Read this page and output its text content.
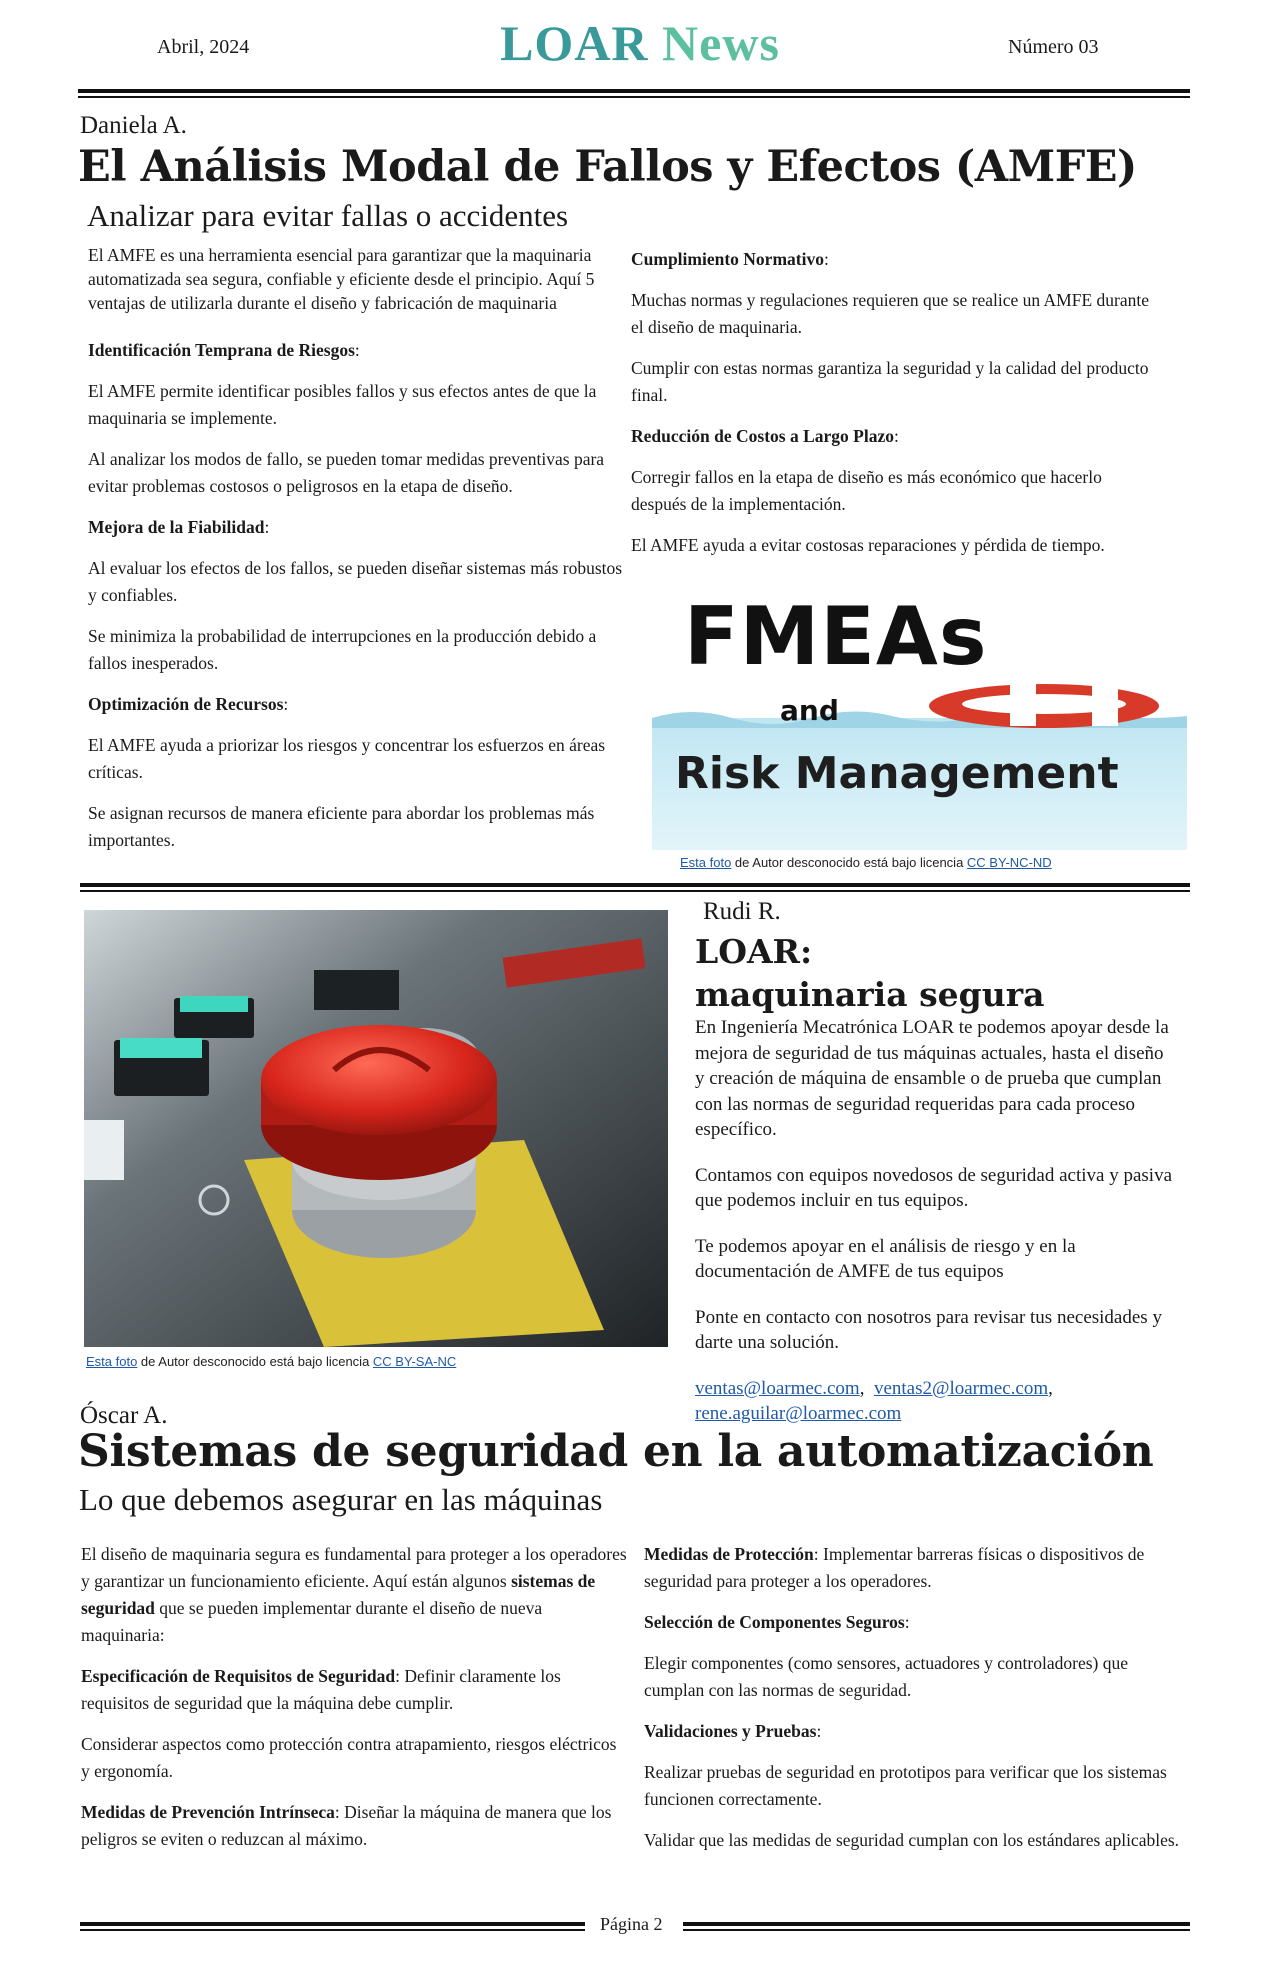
Abril, 2024	LOAR News	Número 03
Daniela A.
El Análisis Modal de Fallos y Efectos (AMFE)
Analizar para evitar fallas o accidentes

El AMFE es una herramienta esencial para garantizar que la maquinaria automatizada sea segura, confiable y eficiente desde el principio. Aquí 5 ventajas de utilizarla durante el diseño y fabricación de maquinaria

Identificación Temprana de Riesgos:

El AMFE permite identificar posibles fallos y sus efectos antes de que la maquinaria se implemente.

Al analizar los modos de fallo, se pueden tomar medidas preventivas para evitar problemas costosos o peligrosos en la etapa de diseño.

Mejora de la Fiabilidad:

Al evaluar los efectos de los fallos, se pueden diseñar sistemas más robustos y confiables.

Se minimiza la probabilidad de interrupciones en la producción debido a fallos inesperados.

Optimización de Recursos:

El AMFE ayuda a priorizar los riesgos y concentrar los esfuerzos en áreas críticas.

Se asignan recursos de manera eficiente para abordar los problemas más importantes.

Cumplimiento Normativo:

Muchas normas y regulaciones requieren que se realice un AMFE durante el diseño de maquinaria.

Cumplir con estas normas garantiza la seguridad y la calidad del producto final.

Reducción de Costos a Largo Plazo:

Corregir fallos en la etapa de diseño es más económico que hacerlo después de la implementación.

El AMFE ayuda a evitar costosas reparaciones y pérdida de tiempo.

FMEAs
and
Risk Management
Esta foto de Autor desconocido está bajo licencia CC BY-NC-ND
Esta foto de Autor desconocido está bajo licencia CC BY-SA-NC
Rudi R.
LOAR:
maquinaria segura

En Ingeniería Mecatrónica LOAR te podemos apoyar desde la mejora de seguridad de tus máquinas actuales, hasta el diseño y creación de máquina de ensamble o de prueba que cumplan con las normas de seguridad requeridas para cada proceso específico.

Contamos con equipos novedosos de seguridad activa y pasiva que podemos incluir en tus equipos.

Te podemos apoyar en el análisis de riesgo y en la documentación de AMFE de tus equipos

Ponte en contacto con nosotros para revisar tus necesidades y darte una solución.

ventas@loarmec.com,  ventas2@loarmec.com, rene.aguilar@loarmec.com

Óscar A.
Sistemas de seguridad en la automatización
Lo que debemos asegurar en las máquinas

El diseño de maquinaria segura es fundamental para proteger a los operadores y garantizar un funcionamiento eficiente. Aquí están algunos sistemas de seguridad que se pueden implementar durante el diseño de nueva maquinaria:

Especificación de Requisitos de Seguridad: Definir claramente los requisitos de seguridad que la máquina debe cumplir.

Considerar aspectos como protección contra atrapamiento, riesgos eléctricos y ergonomía.

Medidas de Prevención Intrínseca: Diseñar la máquina de manera que los peligros se eviten o reduzcan al máximo.

Medidas de Protección: Implementar barreras físicas o dispositivos de seguridad para proteger a los operadores.

Selección de Componentes Seguros:

Elegir componentes (como sensores, actuadores y controladores) que cumplan con las normas de seguridad.

Validaciones y Pruebas:

Realizar pruebas de seguridad en prototipos para verificar que los sistemas funcionen correctamente.

Validar que las medidas de seguridad cumplan con los estándares aplicables.

Página 2
